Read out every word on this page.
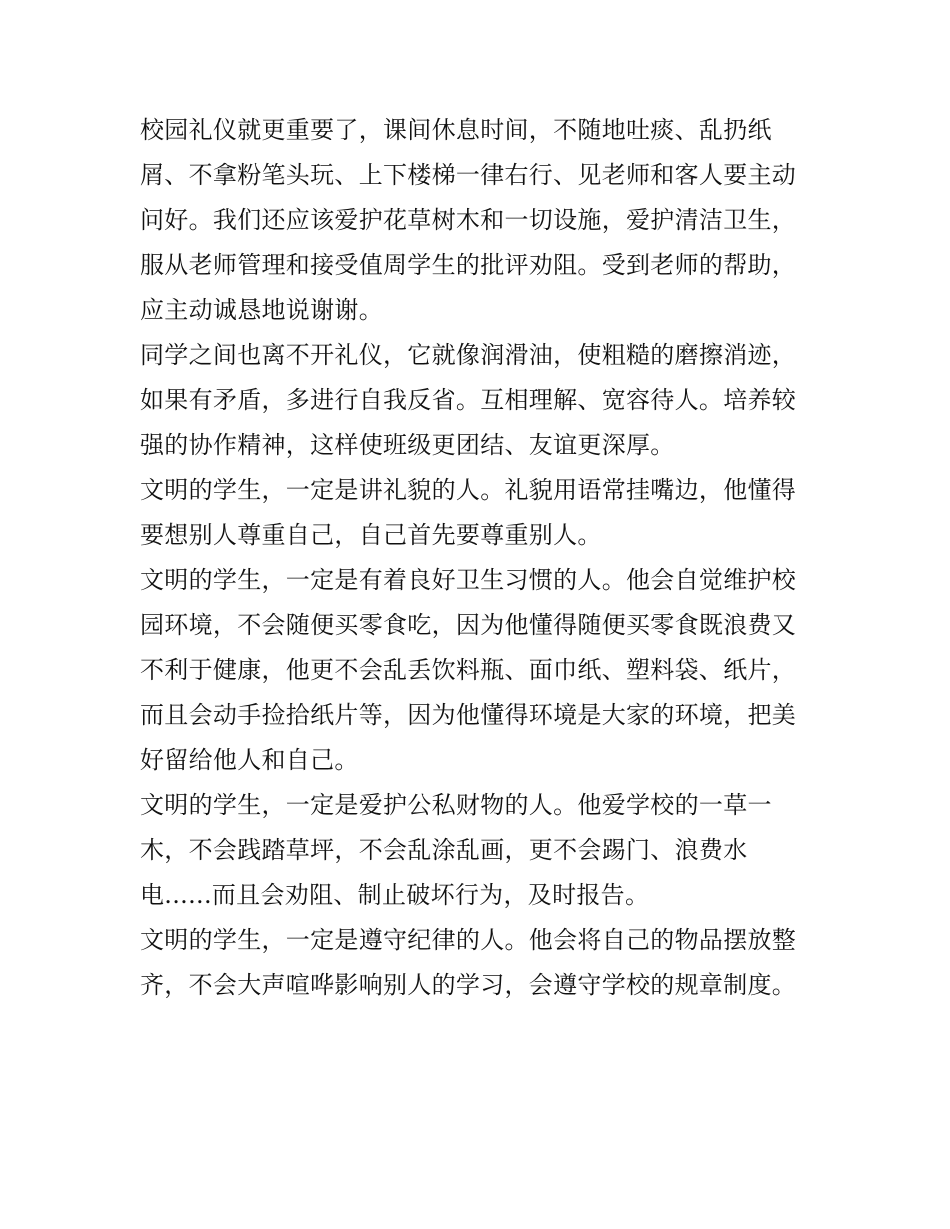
校园礼仪就更重要了，课间休息时间，不随地吐痰、乱扔纸
屑、不拿粉笔头玩、上下楼梯一律右行、见老师和客人要主动
问好。我们还应该爱护花草树木和一切设施，爱护清洁卫生，
服从老师管理和接受值周学生的批评劝阻。受到老师的帮助，
应主动诚恳地说谢谢。
同学之间也离不开礼仪，它就像润滑油，使粗糙的磨擦消迹，
如果有矛盾，多进行自我反省。互相理解、宽容待人。培养较
强的协作精神，这样使班级更团结、友谊更深厚。
文明的学生，一定是讲礼貌的人。礼貌用语常挂嘴边，他懂得
要想别人尊重自己，自己首先要尊重别人。
文明的学生，一定是有着良好卫生习惯的人。他会自觉维护校
园环境，不会随便买零食吃，因为他懂得随便买零食既浪费又
不利于健康，他更不会乱丢饮料瓶、面巾纸、塑料袋、纸片，
而且会动手捡拾纸片等，因为他懂得环境是大家的环境，把美
好留给他人和自己。
文明的学生，一定是爱护公私财物的人。他爱学校的一草一
木，不会践踏草坪，不会乱涂乱画，更不会踢门、浪费水
电......而且会劝阻、制止破坏行为，及时报告。
文明的学生，一定是遵守纪律的人。他会将自己的物品摆放整
齐，不会大声喧哗影响别人的学习，会遵守学校的规章制度。
